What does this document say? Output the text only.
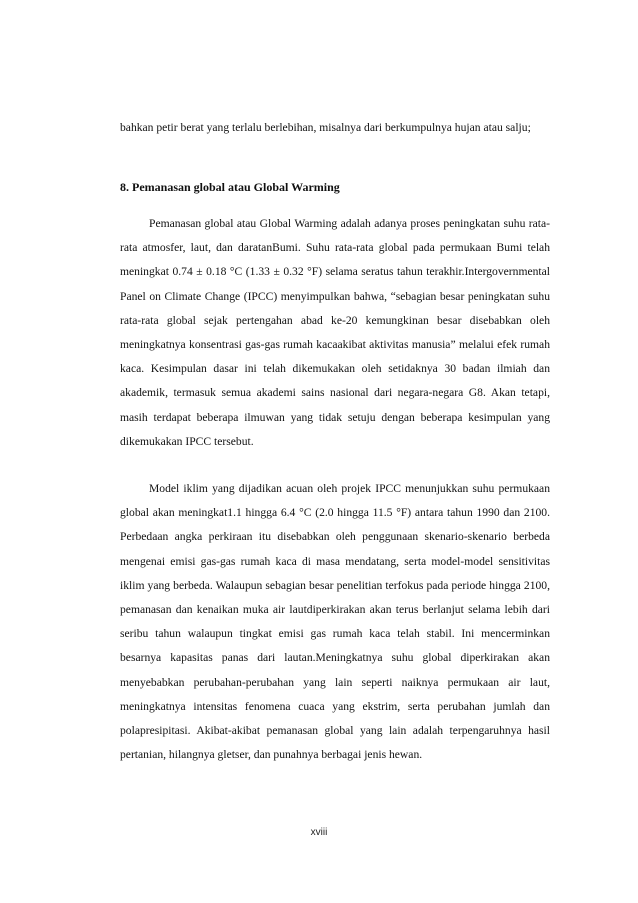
bahkan petir berat yang terlalu berlebihan, misalnya dari berkumpulnya hujan atau salju;

8. Pemanasan global atau Global Warming

Pemanasan global atau Global Warming adalah adanya proses peningkatan suhu rata-rata atmosfer, laut, dan daratanBumi. Suhu rata-rata global pada permukaan Bumi telah meningkat 0.74 ± 0.18 °C (1.33 ± 0.32 °F) selama seratus tahun terakhir.Intergovernmental Panel on Climate Change (IPCC) menyimpulkan bahwa, “sebagian besar peningkatan suhu rata-rata global sejak pertengahan abad ke-20 kemungkinan besar disebabkan oleh meningkatnya konsentrasi gas-gas rumah kacaakibat aktivitas manusia” melalui efek rumah kaca. Kesimpulan dasar ini telah dikemukakan oleh setidaknya 30 badan ilmiah dan akademik, termasuk semua akademi sains nasional dari negara-negara G8. Akan tetapi, masih terdapat beberapa ilmuwan yang tidak setuju dengan beberapa kesimpulan yang dikemukakan IPCC tersebut.

Model iklim yang dijadikan acuan oleh projek IPCC menunjukkan suhu permukaan global akan meningkat1.1 hingga 6.4 °C (2.0 hingga 11.5 °F) antara tahun 1990 dan 2100. Perbedaan angka perkiraan itu disebabkan oleh penggunaan skenario-skenario berbeda mengenai emisi gas-gas rumah kaca di masa mendatang, serta model-model sensitivitas iklim yang berbeda. Walaupun sebagian besar penelitian terfokus pada periode hingga 2100, pemanasan dan kenaikan muka air lautdiperkirakan akan terus berlanjut selama lebih dari seribu tahun walaupun tingkat emisi gas rumah kaca telah stabil. Ini mencerminkan besarnya kapasitas panas dari lautan.Meningkatnya suhu global diperkirakan akan menyebabkan perubahan-perubahan yang lain seperti naiknya permukaan air laut, meningkatnya intensitas fenomena cuaca yang ekstrim, serta perubahan jumlah dan polapresipitasi. Akibat-akibat pemanasan global yang lain adalah terpengaruhnya hasil pertanian, hilangnya gletser, dan punahnya berbagai jenis hewan.

xviii
